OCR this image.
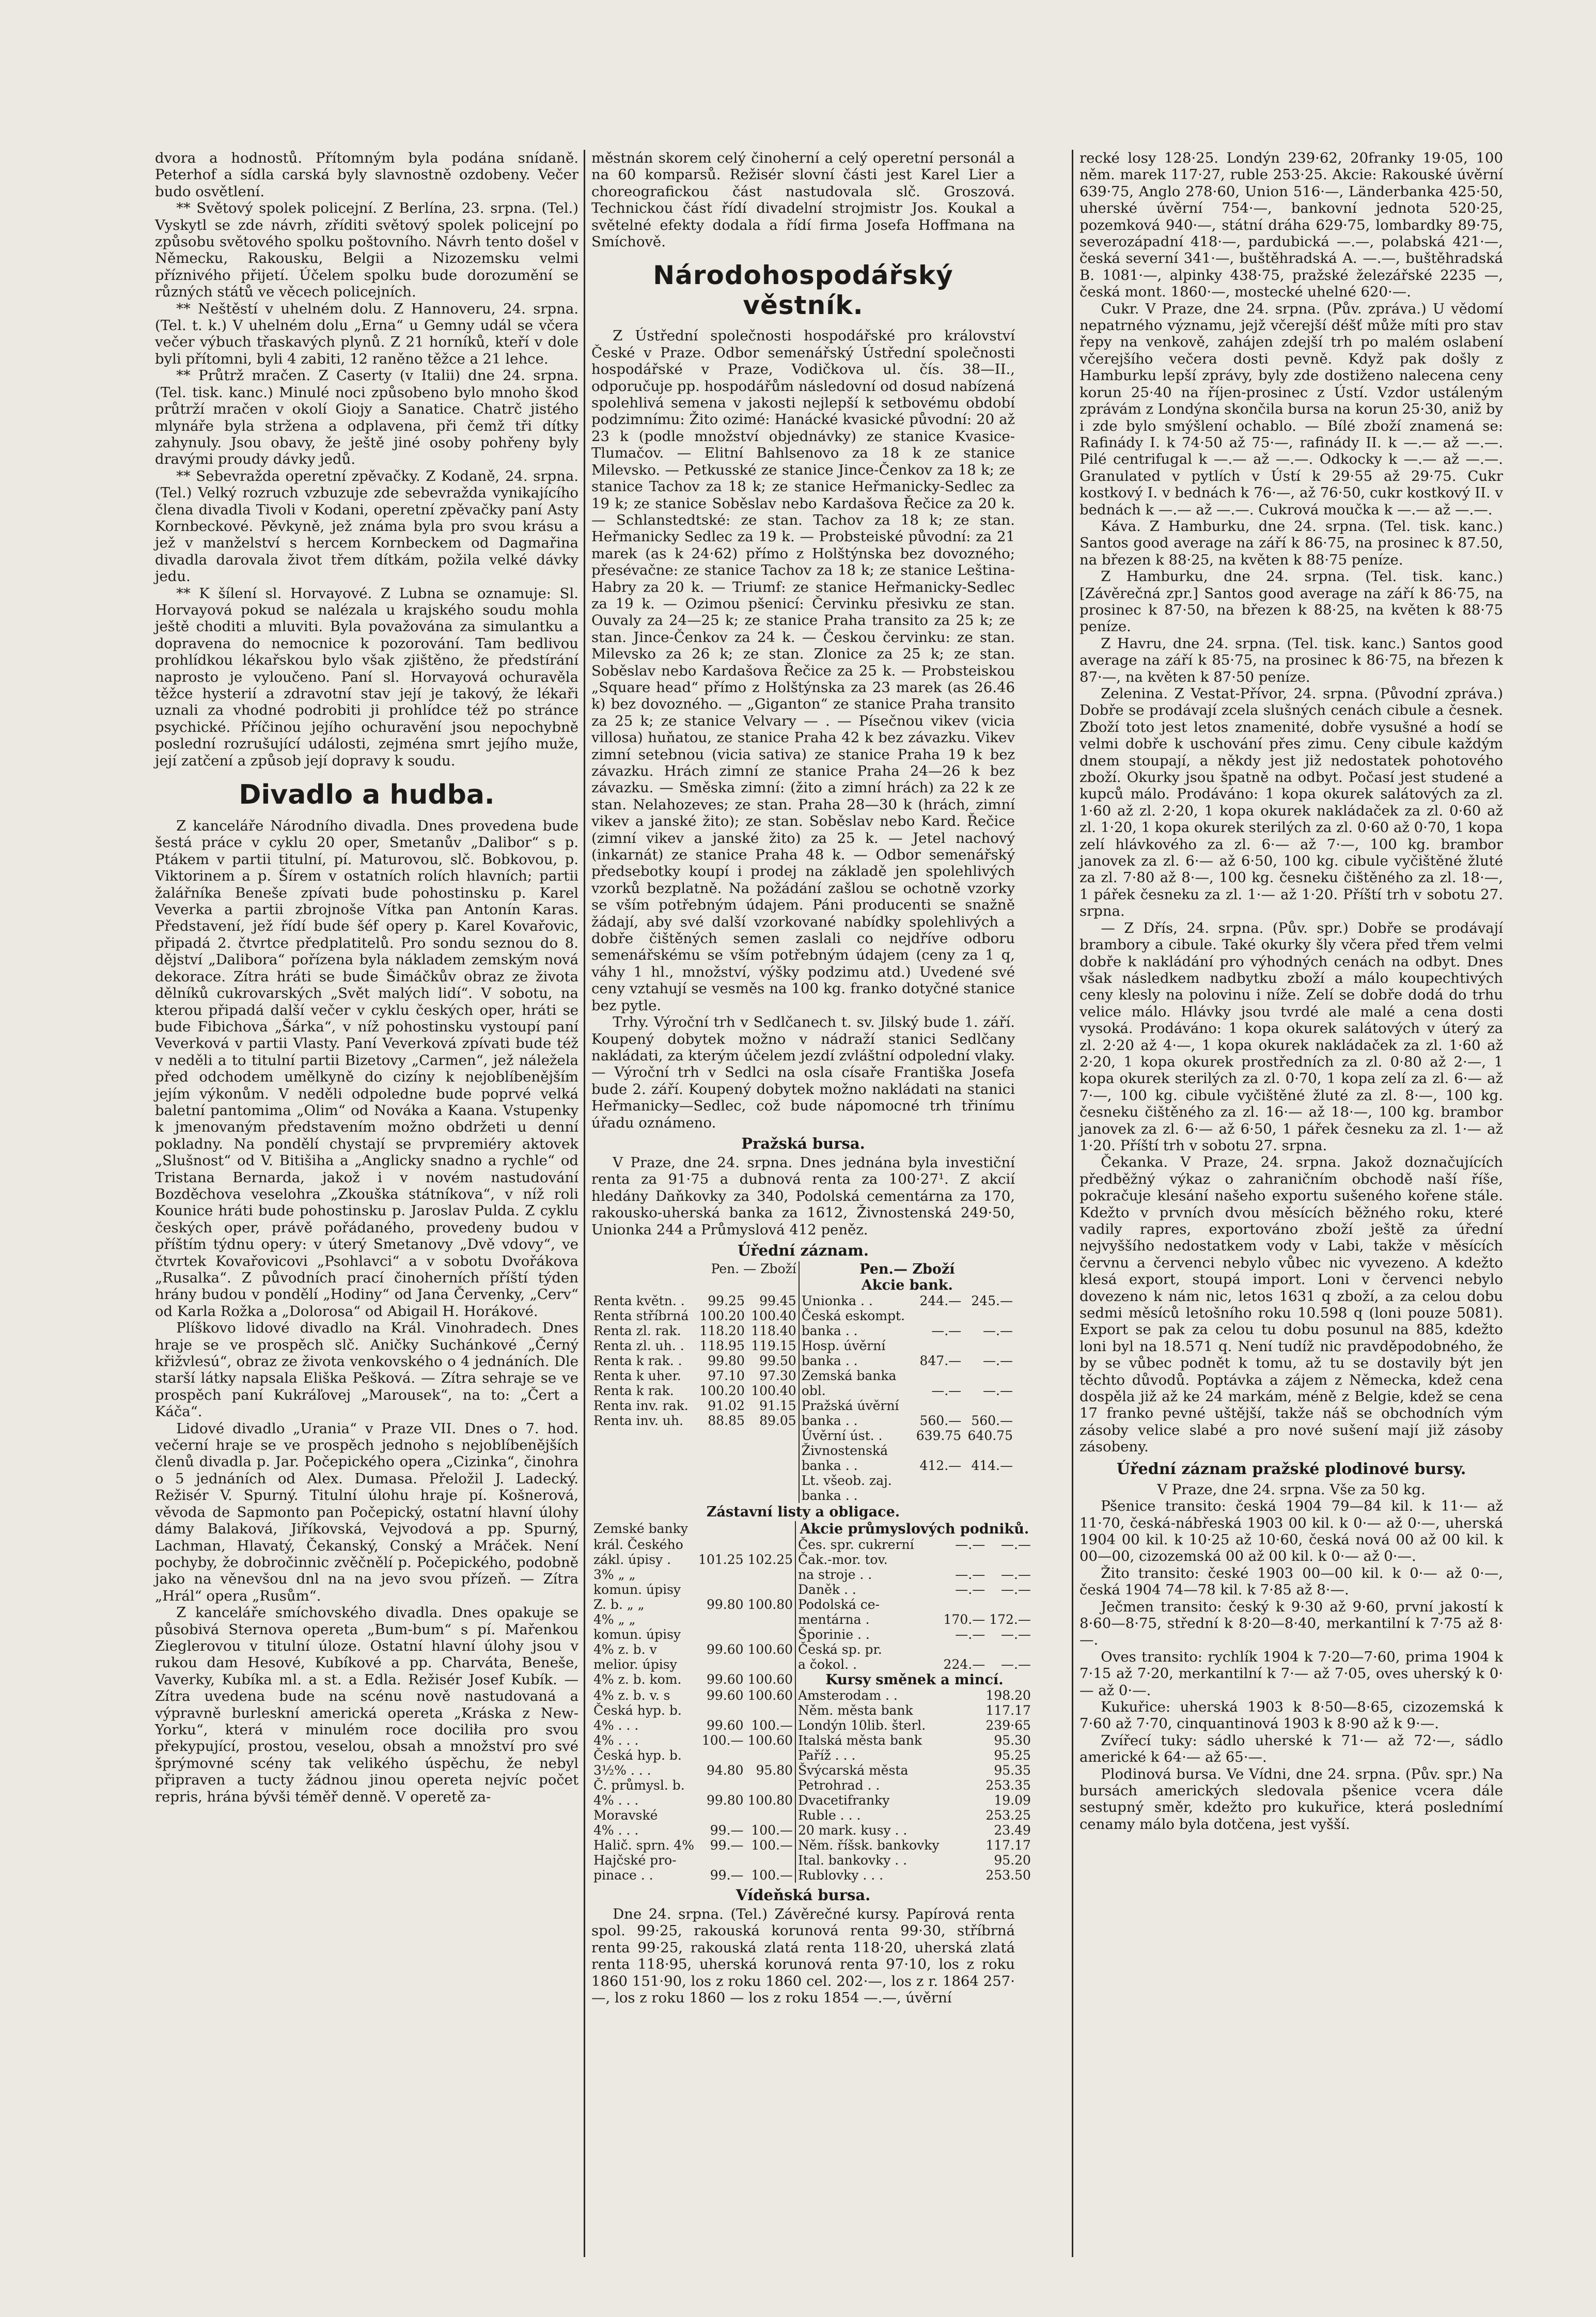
dvora a hodnostů. Přítomným byla podána snídaně. Peterhof a sídla carská byly slavnostně ozdobeny. Večer budo osvětlení.

** Světový spolek policejní. Z Berlína, 23. srpna. (Tel.) Vyskytl se zde návrh, zříditi světový spolek policejní po způsobu světového spolku poštovního. Návrh tento došel v Německu, Rakousku, Belgii a Nizozemsku velmi příznivého přijetí. Účelem spolku bude dorozumění se různých států ve věcech policejních.

** Neštěstí v uhelném dolu. Z Hannoveru, 24. srpna. (Tel. t. k.) V uhelném dolu „Erna“ u Gemny udál se včera večer výbuch třaskavých plynů. Z 21 horníků, kteří v dole byli přítomni, byli 4 zabiti, 12 raněno těžce a 21 lehce.

** Průtrž mračen. Z Caserty (v Italii) dne 24. srpna. (Tel. tisk. kanc.) Minulé noci způsobeno bylo mnoho škod průtrží mračen v okolí Giojy a Sanatice. Chatrč jistého mlynáře byla stržena a odplavena, při čemž tři dítky zahynuly. Jsou obavy, že ještě jiné osoby pohřeny byly dravými proudy dávky jedů.

** Sebevražda operetní zpěvačky. Z Kodaně, 24. srpna. (Tel.) Velký rozruch vzbuzuje zde sebevražda vynikajícího člena divadla Tivoli v Kodani, operetní zpěvačky paní Asty Kornbeckové. Pěvkyně, jež známa byla pro svou krásu a jež v manželství s hercem Kornbeckem od Dagmařina divadla darovala život třem dítkám, požila velké dávky jedu.

** K šílení sl. Horvayové. Z Lubna se oznamuje: Sl. Horvayová pokud se nalézala u krajského soudu mohla ještě choditi a mluviti. Byla považována za simulantku a dopravena do nemocnice k pozorování. Tam bedlivou prohlídkou lékařskou bylo však zjištěno, že předstírání naprosto je vyloučeno. Paní sl. Horvayová ochuravěla těžce hysterií a zdravotní stav její je takový, že lékaři uznali za vhodné podrobiti ji prohlídce též po stránce psychické. Příčinou jejího ochuravění jsou nepochybně poslední rozrušující události, zejména smrt jejího muže, její zatčení a způsob její dopravy k soudu.

Divadlo a hudba.

Z kanceláře Národního divadla. Dnes provedena bude šestá práce v cyklu 20 oper, Smetanův „Dalibor“ s p. Ptákem v partii titulní, pí. Maturovou, slč. Bobkovou, p. Viktorinem a p. Šírem v ostatních rolích hlavních; partii žalářníka Beneše zpívati bude pohostinsku p. Karel Veverka a partii zbrojnoše Vítka pan Antonín Karas. Představení, jež řídí bude šéf opery p. Karel Kovařovic, připadá 2. čtvrtce předplatitelů. Pro sondu seznou do 8. dějství „Dalibora“ pořízena byla nákladem zemským nová dekorace. Zítra hráti se bude Šimáčkův obraz ze života dělníků cukrovarských „Svět malých lidí“. V sobotu, na kterou připadá další večer v cyklu českých oper, hráti se bude Fibichova „Šárka“, v níž pohostinsku vystoupí paní Veverková v partii Vlasty. Paní Veverková zpívati bude též v neděli a to titulní partii Bizetovy „Carmen“, jež náležela před odchodem umělkyně do cizíny k nejoblíbenějším jejím výkonům. V neděli odpoledne bude poprvé velká baletní pantomima „Olim“ od Nováka a Kaana. Vstupenky k jmenovaným představením možno obdržeti u denní pokladny. Na pondělí chystají se prvpremiéry aktovek „Slušnost“ od V. Bitišiha a „Anglicky snadno a rychle“ od Tristana Bernarda, jakož i v novém nastudování Bozděchova veselohra „Zkouška státníkova“, v níž roli Kounice hráti bude pohostinsku p. Jaroslav Pulda. Z cyklu českých oper, právě pořádaného, provedeny budou v příštím týdnu opery: v úterý Smetanovy „Dvě vdovy“, ve čtvrtek Kovařovicovi „Psohlavci“ a v sobotu Dvořákova „Rusalka“. Z původních prací činoherních příští týden hrány budou v pondělí „Hodiny“ od Jana Červenky, „Cerv“ od Karla Rožka a „Dolorosa“ od Abigail H. Horákové.

Plíškovo lidové divadlo na Král. Vinohradech. Dnes hraje se ve prospěch slč. Aničky Suchánkové „Černý křižvlesú“, obraz ze života venkovského o 4 jednáních. Dle starší látky napsala Eliška Pešková. — Zítra sehraje se ve prospěch paní Kukráľovej „Marousek“, na to: „Čert a Káča“.

Lidové divadlo „Urania“ v Praze VII. Dnes o 7. hod. večerní hraje se ve prospěch jednoho s nejoblíbenějších členů divadla p. Jar. Počepického opera „Cizinka“, činohra o 5 jednáních od Alex. Dumasa. Přeložil J. Ladecký. Režisér V. Spurný. Titulní úlohu hraje pí. Košnerová, věvoda de Sapmonto pan Počepický, ostatní hlavní úlohy dámy Balaková, Jiříkovská, Vejvodová a pp. Spurný, Lachman, Hlavatý, Čekanský, Conský a Mráček. Není pochyby, že dobročinnic zvěčnělí p. Počepického, podobně jako na věnevšou dnl na na jevo svou přízeň. — Zítra „Hrál“ opera „Rusům“.

Z kanceláře smíchovského divadla. Dnes opakuje se působivá Sternova opereta „Bum-bum“ s pí. Mařenkou Zieglerovou v titulní úloze. Ostatní hlavní úlohy jsou v rukou dam Hesové, Kubíkové a pp. Charváta, Beneše, Vaverky, Kubíka ml. a st. a Edla. Režisér Josef Kubík. — Zítra uvedena bude na scénu nově nastudovaná a výpravně burleskní americká opereta „Kráska z New-Yorku“, která v minulém roce dociliła pro svou překypující, prostou, veselou, obsah a množství pro své šprýmovné scény tak velikého úspěchu, že nebyl připraven a tucty žádnou jinou opereta nejvíc počet repris, hrána bývši téměř denně. V operetě za-

městnán skorem celý činoherní a celý operetní personál a na 60 komparsů. Režisér slovní části jest Karel Lier a choreografickou část nastudovala slč. Groszová. Technickou část řídí divadelní strojmistr Jos. Koukal a světelné efekty dodala a řídí firma Josefa Hoffmana na Smíchově.

Národohospodářský věstník.

Z Ústřední společnosti hospodářské pro království České v Praze. Odbor semenářský Ústřední společnosti hospodářské v Praze, Vodičkova ul. čís. 38—II., odporučuje pp. hospodářům následovní od dosud nabízená spolehlivá semena v jakosti nejlepší k setbovému období podzimnímu: Žito ozimé: Hanácké kvasické původní: 20 až 23 k (podle množství objednávky) ze stanice Kvasice-Tlumačov. — Elitní Bahlsenovo za 18 k ze stanice Milevsko. — Petkusské ze stanice Jince-Čenkov za 18 k; ze stanice Tachov za 18 k; ze stanice Heřmanicky-Sedlec za 19 k; ze stanice Soběslav nebo Kardašova Řečice za 20 k. — Schlanstedtské: ze stan. Tachov za 18 k; ze stan. Heřmanicky Sedlec za 19 k. — Probsteiské původní: za 21 marek (as k 24·62) přímo z Holštýnska bez dovozného; přesévačne: ze stanice Tachov za 18 k; ze stanice Leština-Habry za 20 k. — Triumf: ze stanice Heřmanicky-Sedlec za 19 k. — Ozimou pšenicí: Červinku přesivku ze stan. Ouvaly za 24—25 k; ze stanice Praha transito za 25 k; ze stan. Jince-Čenkov za 24 k. — Českou červinku: ze stan. Milevsko za 26 k; ze stan. Zlonice za 25 k; ze stan. Soběslav nebo Kardašova Řečice za 25 k. — Probsteiskou „Square head“ přímo z Holštýnska za 23 marek (as 26.46 k) bez dovozného. — „Giganton“ ze stanice Praha transito za 25 k; ze stanice Velvary — . — Písečnou vikev (vicia villosa) huňatou, ze stanice Praha 42 k bez závazku. Vikev zimní setebnou (vicia sativa) ze stanice Praha 19 k bez závazku. Hrách zimní ze stanice Praha 24—26 k bez závazku. — Směska zimní: (žito a zimní hrách) za 22 k ze stan. Nelahozeves; ze stan. Praha 28—30 k (hrách, zimní vikev a janské žito); ze stan. Soběslav nebo Kard. Řečice (zimní vikev a janské žito) za 25 k. — Jetel nachový (inkarnát) ze stanice Praha 48 k. — Odbor semenářský předsebotky koupí i prodej na základě jen spolehlivých vzorků bezplatně. Na požádání zašlou se ochotně vzorky se vším potřebným údajem. Páni producenti se snažně žádají, aby své další vzorkované nabídky spolehlivých a dobře čištěných semen zaslali co nejdříve odboru semenářskému se vším potřebným údajem (ceny za 1 q, váhy 1 hl., množství, výšky podzimu atd.) Uvedené své ceny vztahují se vesměs na 100 kg. franko dotyčné stanice bez pytle.

Trhy. Výroční trh v Sedlčanech t. sv. Jilský bude 1. září. Koupený dobytek možno v nádraží stanici Sedlčany nakládati, za kterým účelem jezdí zvláštní odpolední vlaky. — Výroční trh v Sedlci na osla císaře Františka Josefa bude 2. září. Koupený dobytek možno nakládati na stanici Heřmanicky—Sedlec, což bude nápomocné trh třinímu úřadu oznámeno.

Pražská bursa.

V Praze, dne 24. srpna. Dnes jednána byla investiční renta za 91·75 a dubnová renta za 100·27¹. Z akcií hledány Daňkovky za 340, Podolská cementárna za 170, rakousko-uherská banka za 1612, Živnostenská 249·50, Unionka 244 a Průmyslová 412 peněz.

Úřední záznam.
	Pen. — Zboží		Pen.— Zboží		
			Akcie bank.		
Renta květn. .	99.25	99.45	Unionka . .	244.—	245.—
Renta stříbrná	100.20	100.40	Česká eskompt.		
Renta zl. rak.	118.20	118.40	banka . .	—.—	—.—
Renta zl. uh. .	118.95	119.15	Hosp. úvěrní		
Renta k rak. .	99.80	99.50	banka . .	847.—	—.—
Renta k uher.	97.10	97.30	Zemská banka		
Renta k rak.	100.20	100.40	obl.	—.—	—.—
Renta inv. rak.	91.02	91.15	Pražská úvěrní		
Renta inv. uh.	88.85	89.05	banka . .	560.—	560.—
			Úvěrní úst. .	639.75	640.75
			Živnostenská		
			banka . .	412.—	414.—
			Lt. všeob. zaj.		
			banka . .		
Zástavní listy a obligace.
Zemské banky			Akcie průmyslových podniků.		
král. Českého			Čes. spr. cukrerní	—.—	—.—
zákl. úpisy .	101.25	102.25	Čak.-mor. tov.		
3% „ „			na stroje . .	—.—	—.—
komun. úpisy			Daněk . .	—.—	—.—
Z. b. „ „	99.80	100.80	Podolská ce-		
4% „ „			mentárna .	170.—	172.—
komun. úpisy			Šporinie . .	—.—	—.—
4% z. b. v	99.60	100.60	Česká sp. pr.		
melior. úpisy			a čokol. .	224.—	—.—
4% z. b. kom.	99.60	100.60	Kursy směnek a mincí.		
4% z. b. v. s	99.60	100.60	Amsterodam . .	198.20	
Česká hyp. b.			Něm. města bank	117.17	
4% . . .	99.60	100.—	Londýn 10lib. šterl.	239·65	
4% . . .	100.—	100.60	Italská města bank	95.30	
Česká hyp. b.			Paříž . . .	95.25	
3½% . . .	94.80	95.80	Švýcarská města	95.35	
Č. průmysl. b.			Petrohrad . .	253.35	
4% . . .	99.80	100.80	Dvacetifranky	19.09	
Moravské			Ruble . . .	253.25	
4% . . .	99.—	100.—	20 mark. kusy . .	23.49	
Halič. sprn. 4%	99.—	100.—	Něm. říšsk. bankovky	117.17	
Hajčské pro-			Ital. bankovky . .	95.20	
pinace . .	99.—	100.—	Rublovky . . .	253.50	
Vídeňská bursa.

Dne 24. srpna. (Tel.) Závěrečné kursy. Papírová renta spol. 99·25, rakouská korunová renta 99·30, stříbrná renta 99·25, rakouská zlatá renta 118·20, uherská zlatá renta 118·95, uherská korunová renta 97·10, los z roku 1860 151·90, los z roku 1860 cel. 202·—, los z r. 1864 257·—, los z roku 1860 — los z roku 1854 —.—, úvěrní

recké losy 128·25. Londýn 239·62, 20franky 19·05, 100 něm. marek 117·27, ruble 253·25. Akcie: Rakouské úvěrní 639·75, Anglo 278·60, Union 516·—, Länderbanka 425·50, uherské úvěrní 754·—, bankovní jednota 520·25, pozemková 940·—, státní dráha 629·75, lombardky 89·75, severozápadní 418·—, pardubická —.—, polabská 421·—, česká severní 341·—, buštěhradská A. —.—, buštěhradská B. 1081·—, alpinky 438·75, pražské železářské 2235 —, česká mont. 1860·—, mostecké uhelné 620·—.

Cukr. V Praze, dne 24. srpna. (Pův. zpráva.) U vědomí nepatrného významu, jejž včerejší déšť může míti pro stav řepy na venkově, zahájen zdejší trh po malém oslabení včerejšího večera dosti pevně. Když pak došly z Hamburku lepší zprávy, byly zde dostiženo nalecena ceny korun 25·40 na říjen-prosinec z Ústí. Vzdor ustáleným zprávám z Londýna skončila bursa na korun 25·30, aniž by i zde bylo smýšlení ochablo. — Bílé zboží znamená se: Rafinády I. k 74·50 až 75·—, rafinády II. k —.— až —.—. Pilé centrifugal k —.— až —.—. Odkocky k —.— až —.—. Granulated v pytlích v Ústí k 29·55 až 29·75. Cukr kostkový I. v bednách k 76·—, až 76·50, cukr kostkový II. v bednách k —.— až —.—. Cukrová moučka k —.— až —.—.

Káva. Z Hamburku, dne 24. srpna. (Tel. tisk. kanc.) Santos good average na září k 86·75, na prosinec k 87.50, na březen k 88·25, na květen k 88·75 peníze.

Z Hamburku, dne 24. srpna. (Tel. tisk. kanc.) [Závěrečná zpr.] Santos good average na září k 86·75, na prosinec k 87·50, na březen k 88·25, na květen k 88·75 peníze.

Z Havru, dne 24. srpna. (Tel. tisk. kanc.) Santos good average na září k 85·75, na prosinec k 86·75, na březen k 87·—, na květen k 87·50 peníze.

Zelenina. Z Vestat-Přívor, 24. srpna. (Původní zpráva.) Dobře se prodávají zcela slušných cenách cibule a česnek. Zboží toto jest letos znamenité, dobře vysušné a hodí se velmi dobře k uschování přes zimu. Ceny cibule každým dnem stoupají, a někdy jest již nedostatek pohotového zboží. Okurky jsou špatně na odbyt. Počasí jest studené a kupců málo. Prodáváno: 1 kopa okurek salátových za zl. 1·60 až zl. 2·20, 1 kopa okurek nakládaček za zl. 0·60 až zl. 1·20, 1 kopa okurek sterilých za zl. 0·60 až 0·70, 1 kopa zelí hlávkového za zl. 6·— až 7·—, 100 kg. brambor janovek za zl. 6·— až 6·50, 100 kg. cibule vyčištěné žluté za zl. 7·80 až 8·—, 100 kg. česneku čištěného za zl. 18·—, 1 pářek česneku za zl. 1·— až 1·20. Příští trh v sobotu 27. srpna.

— Z Dřís, 24. srpna. (Pův. spr.) Dobře se prodávají brambory a cibule. Také okurky šly včera před třem velmi dobře k nakládání pro výhodných cenách na odbyt. Dnes však následkem nadbytku zboží a málo koupechtivých ceny klesly na polovinu i níže. Zelí se dobře dodá do trhu velice málo. Hlávky jsou tvrdé ale malé a cena dosti vysoká. Prodáváno: 1 kopa okurek salátových v úterý za zl. 2·20 až 4·—, 1 kopa okurek nakládaček za zl. 1·60 až 2·20, 1 kopa okurek prostředních za zl. 0·80 až 2·—, 1 kopa okurek sterilých za zl. 0·70, 1 kopa zelí za zl. 6·— až 7·—, 100 kg. cibule vyčištěné žluté za zl. 8·—, 100 kg. česneku čištěného za zl. 16·— až 18·—, 100 kg. brambor janovek za zl. 6·— až 6·50, 1 pářek česneku za zl. 1·— až 1·20. Příští trh v sobotu 27. srpna.

Čekanka. V Praze, 24. srpna. Jakož doznačujících předběžný výkaz o zahraničním obchodě naší říše, pokračuje klesání našeho exportu sušeného kořene stále. Kdežto v prvních dvou měsících běžného roku, které vadily rapres, exportováno zboží ještě za úřední nejvyššího nedostatkem vody v Labi, takže v měsících červnu a červenci nebylo vůbec nic vyvezeno. A kdežto klesá export, stoupá import. Loni v červenci nebylo dovezeno k nám nic, letos 1631 q zboží, a za celou dobu sedmi měsíců letošního roku 10.598 q (loni pouze 5081). Export se pak za celou tu dobu posunul na 885, kdežto loni byl na 18.571 q. Není tudíž nic pravděpodobného, že by se vůbec podnět k tomu, až tu se dostavily být jen těchto důvodů. Poptávka a zájem z Německa, kdež cena dospěla již až ke 24 markám, méně z Belgie, kdež se cena 17 franko pevné uštější, takže náš se obchodních vým zásoby velice slabé a pro nové sušení mají již zásoby zásobeny.

Úřední záznam pražské plodinové bursy.

V Praze, dne 24. srpna. Vše za 50 kg.

Pšenice transito: česká 1904 79—84 kil. k 11·— až 11·70, česká-nábřeská 1903 00 kil. k 0·— až 0·—, uherská 1904 00 kil. k 10·25 až 10·60, česká nová 00 až 00 kil. k 00—00, cizozemská 00 až 00 kil. k 0·— až 0·—.

Žito transito: české 1903 00—00 kil. k 0·— až 0·—, česká 1904 74—78 kil. k 7·85 až 8·—.

Ječmen transito: český k 9·30 až 9·60, první jakostí k 8·60—8·75, střední k 8·20—8·40, merkantilní k 7·75 až 8·—.

Oves transito: rychlík 1904 k 7·20—7·60, prima 1904 k 7·15 až 7·20, merkantilní k 7·— až 7·05, oves uherský k 0·— až 0·—.

Kukuřice: uherská 1903 k 8·50—8·65, cizozemská k 7·60 až 7·70, cinquantinová 1903 k 8·90 až k 9·—.

Zvířecí tuky: sádlo uherské k 71·— až 72·—, sádlo americké k 64·— až 65·—.

Plodinová bursa. Ve Vídni, dne 24. srpna. (Pův. spr.) Na bursách amerických sledovala pšenice vcera dále sestupný směr, kdežto pro kukuřice, která poslednímí cenamy málo byla dotčena, jest vyšší.
